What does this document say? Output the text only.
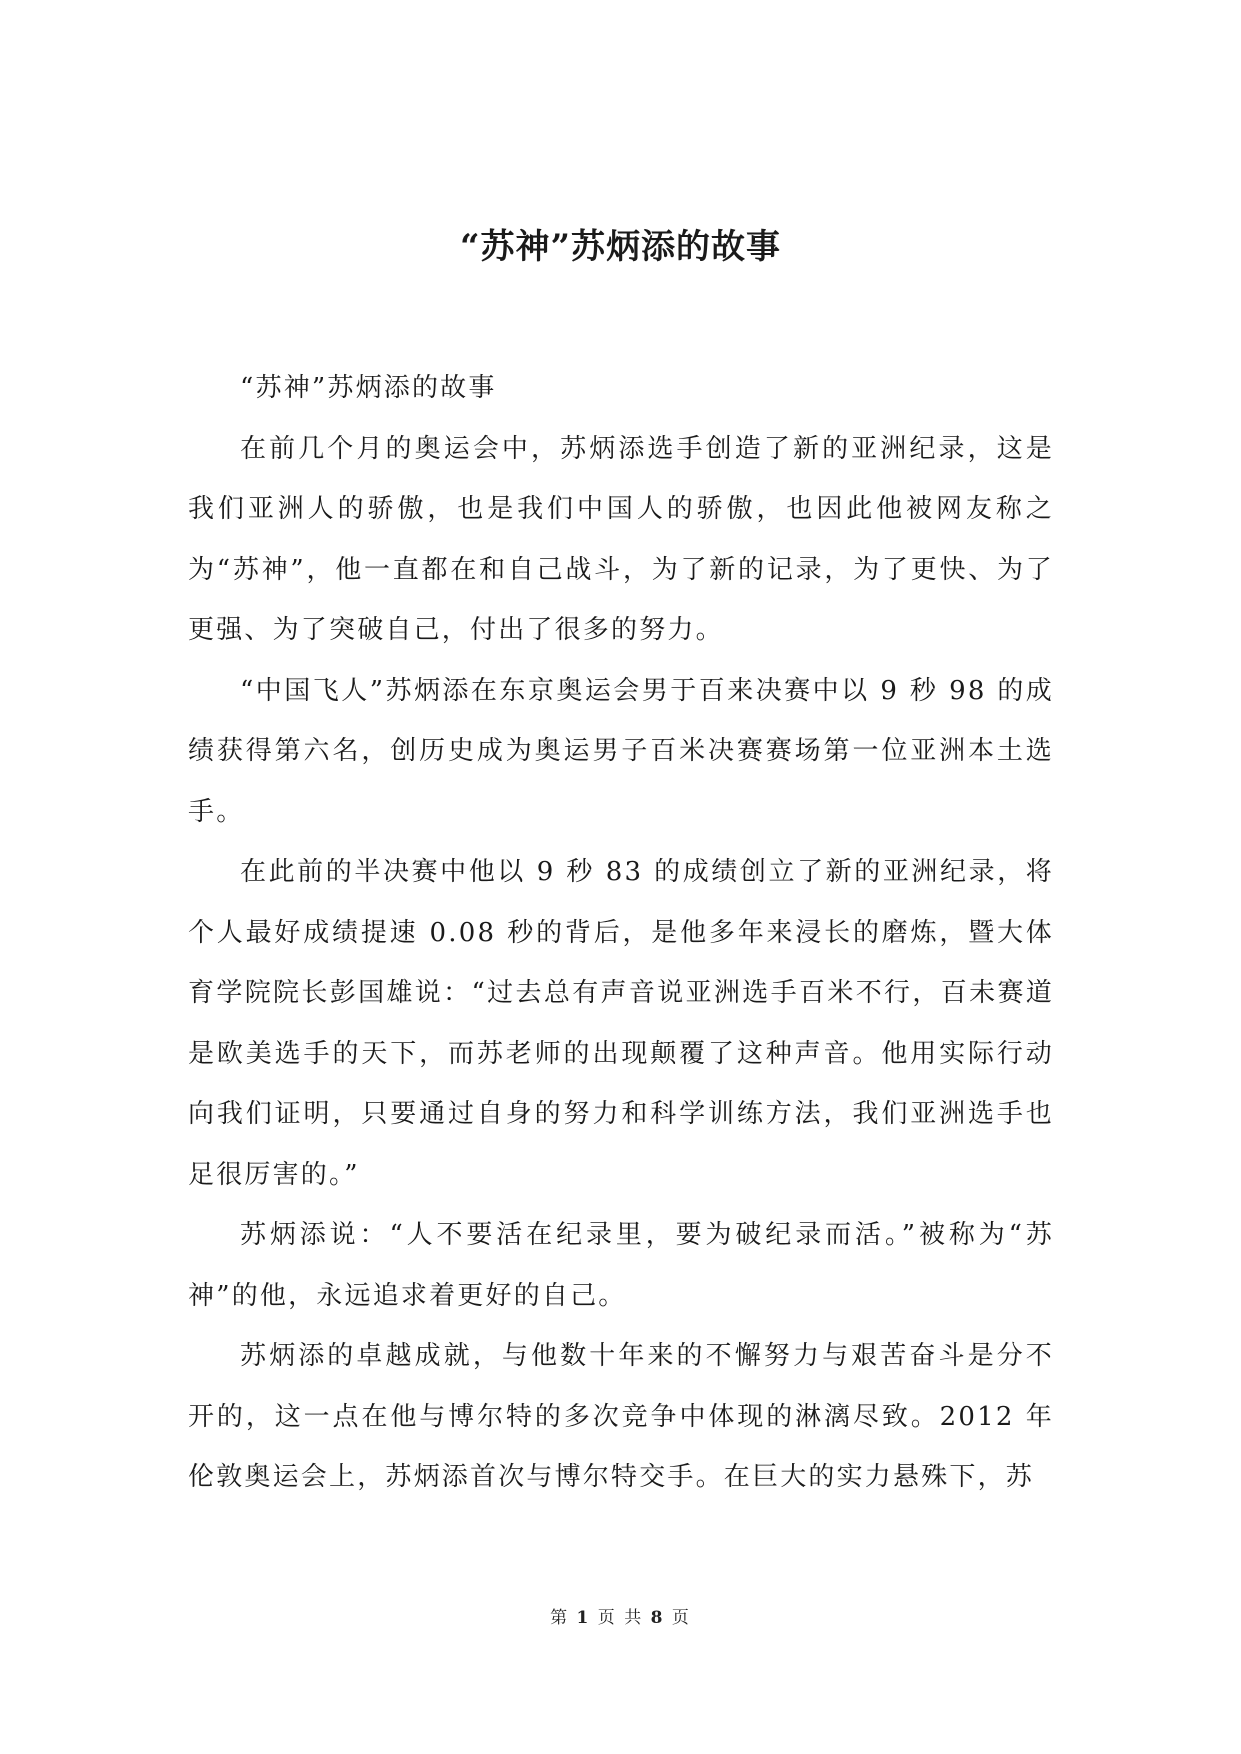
“苏神”苏炳添的故事

“苏神”苏炳添的故事

在前几个月的奥运会中，苏炳添选手创造了新的亚洲纪录，这是我们亚洲人的骄傲，也是我们中国人的骄傲，也因此他被网友称之为“苏神”，他一直都在和自己战斗，为了新的记录，为了更快、为了更强、为了突破自己，付出了很多的努力。

“中国飞人”苏炳添在东京奥运会男于百来决赛中以 9 秒 98 的成绩获得第六名，创历史成为奥运男子百米决赛赛场第一位亚洲本土选手。

在此前的半决赛中他以 9 秒 83 的成绩创立了新的亚洲纪录，将个人最好成绩提速 0.08 秒的背后，是他多年来浸长的磨炼，暨大体育学院院长彭国雄说：“过去总有声音说亚洲选手百米不行，百未赛道是欧美选手的天下，而苏老师的出现颠覆了这种声音。他用实际行动向我们证明，只要通过自身的努力和科学训练方法，我们亚洲选手也足很厉害的。”

苏炳添说：“人不要活在纪录里，要为破纪录而活。”被称为“苏神”的他，永远追求着更好的自己。

苏炳添的卓越成就，与他数十年来的不懈努力与艰苦奋斗是分不开的，这一点在他与博尔特的多次竞争中体现的淋漓尽致。2012 年伦敦奥运会上，苏炳添首次与博尔特交手。在巨大的实力悬殊下，苏

第 1 页 共 8 页
